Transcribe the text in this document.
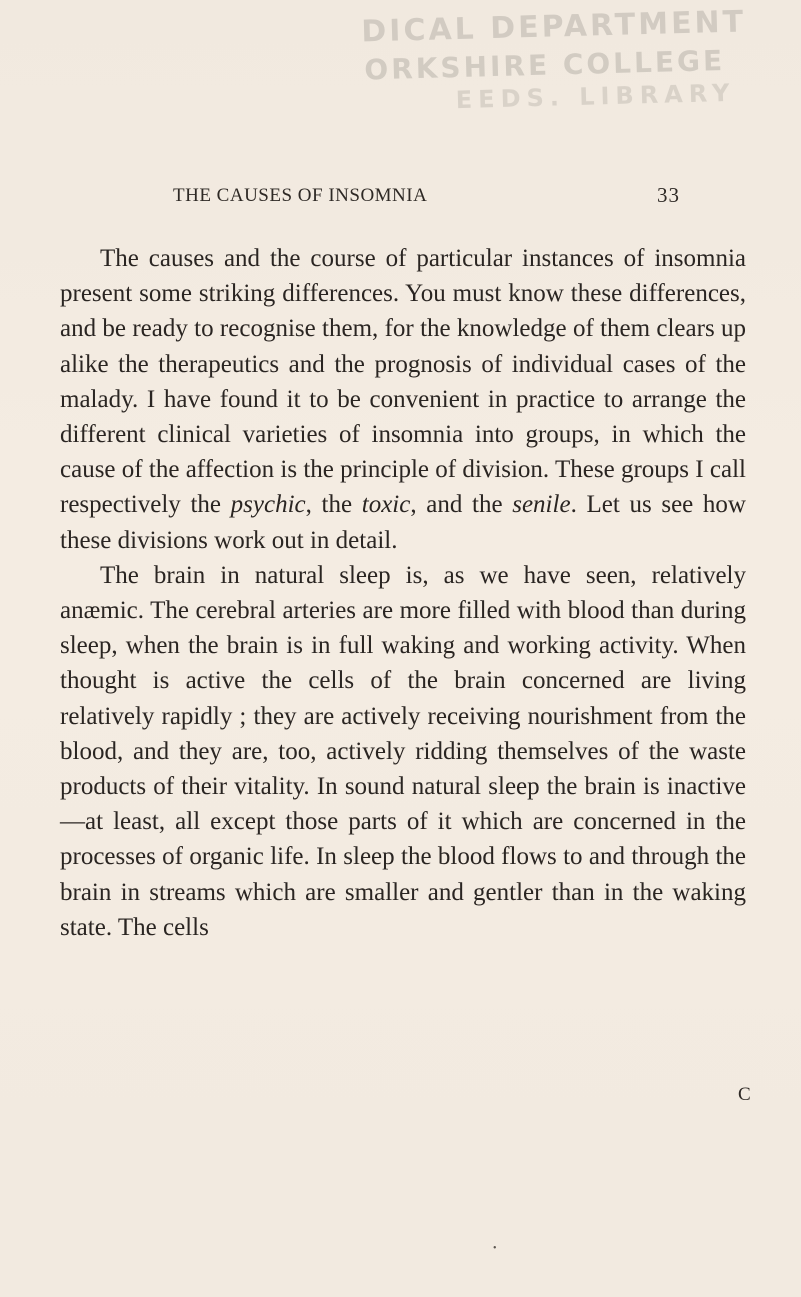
DICAL DEPARTMENT
ORKSHIRE COLLEGE
EEDS. LIBRARY
THE CAUSES OF INSOMNIA	33

The causes and the course of particular instances of insomnia present some striking differences. You must know these differences, and be ready to recognise them, for the knowledge of them clears up alike the therapeutics and the prognosis of individual cases of the malady. I have found it to be convenient in practice to arrange the different clinical varieties of insomnia into groups, in which the cause of the affection is the principle of division. These groups I call respectively the psychic, the toxic, and the senile. Let us see how these divisions work out in detail.

The brain in natural sleep is, as we have seen, relatively anæmic. The cerebral arteries are more filled with blood than during sleep, when the brain is in full waking and working activity. When thought is active the cells of the brain concerned are living relatively rapidly ; they are actively receiving nourishment from the blood, and they are, too, actively ridding themselves of the waste products of their vitality. In sound natural sleep the brain is inactive—at least, all except those parts of it which are concerned in the processes of organic life. In sleep the blood flows to and through the brain in streams which are smaller and gentler than in the waking state. The cells

C
•
